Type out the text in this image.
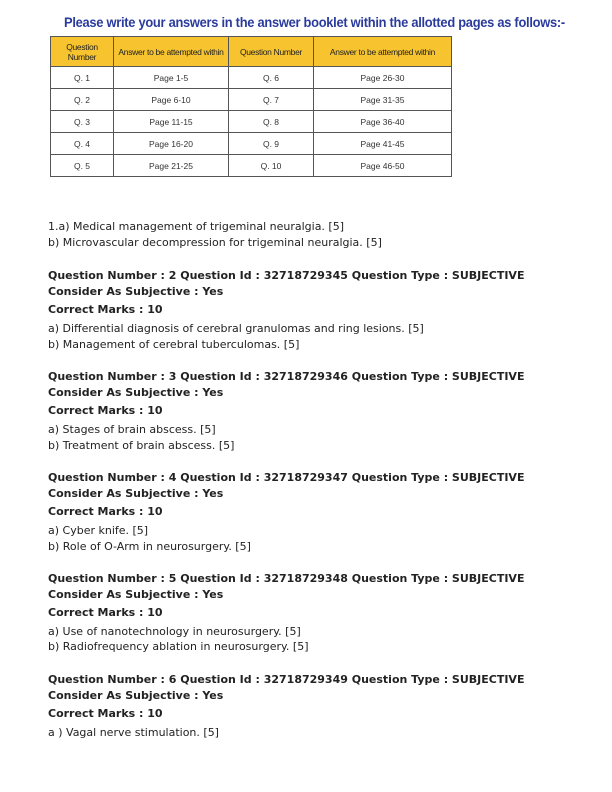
Please write your answers in the answer booklet within the allotted pages as follows:-
Question Number	Answer to be attempted within	Question Number	Answer to be attempted within
Q. 1	Page 1-5	Q. 6	Page 26-30
Q. 2	Page 6-10	Q. 7	Page 31-35
Q. 3	Page 11-15	Q. 8	Page 36-40
Q. 4	Page 16-20	Q. 9	Page 41-45
Q. 5	Page 21-25	Q. 10	Page 46-50

1.a) Medical management of trigeminal neuralgia. [5]

b) Microvascular decompression for trigeminal neuralgia. [5]

Question Number : 2 Question Id : 32718729345 Question Type : SUBJECTIVE Consider As Subjective : Yes

Correct Marks : 10

a) Differential diagnosis of cerebral granulomas and ring lesions. [5]

b) Management of cerebral tuberculomas. [5]

Question Number : 3 Question Id : 32718729346 Question Type : SUBJECTIVE Consider As Subjective : Yes

Correct Marks : 10

a) Stages of brain abscess. [5]

b) Treatment of brain abscess. [5]

Question Number : 4 Question Id : 32718729347 Question Type : SUBJECTIVE Consider As Subjective : Yes

Correct Marks : 10

a) Cyber knife. [5]

b) Role of O-Arm in neurosurgery. [5]

Question Number : 5 Question Id : 32718729348 Question Type : SUBJECTIVE Consider As Subjective : Yes

Correct Marks : 10

a) Use of nanotechnology in neurosurgery. [5]

b) Radiofrequency ablation in neurosurgery. [5]

Question Number : 6 Question Id : 32718729349 Question Type : SUBJECTIVE Consider As Subjective : Yes

Correct Marks : 10

a ) Vagal nerve stimulation. [5]
